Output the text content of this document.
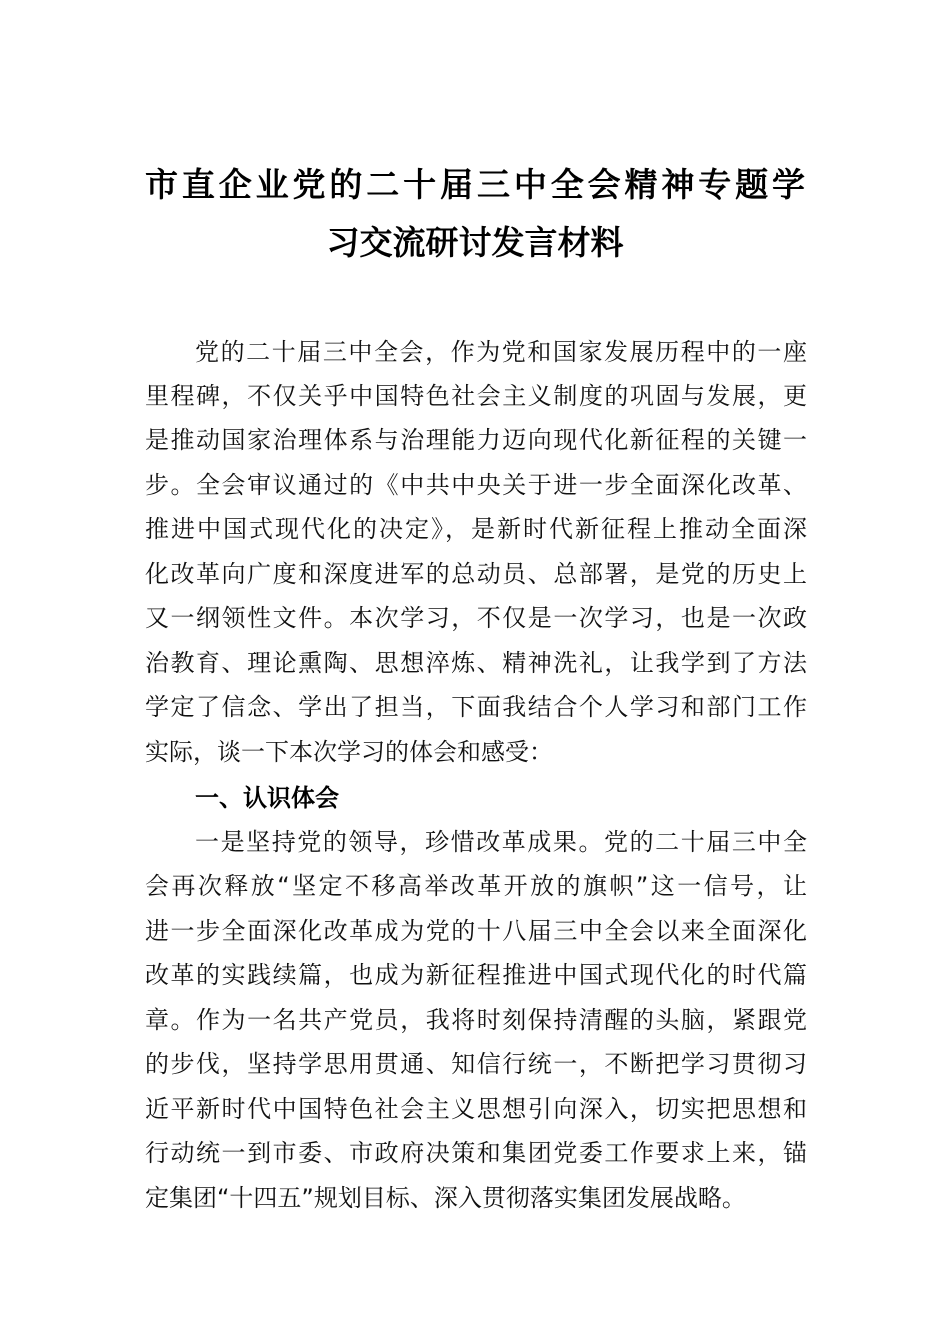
市直企业党的二十届三中全会精神专题学
习交流研讨发言材料
党的二十届三中全会，作为党和国家发展历程中的一座
里程碑，不仅关乎中国特色社会主义制度的巩固与发展，更
是推动国家治理体系与治理能力迈向现代化新征程的关键一
步。全会审议通过的《中共中央关于进一步全面深化改革、
推进中国式现代化的决定》，是新时代新征程上推动全面深
化改革向广度和深度进军的总动员、总部署，是党的历史上
又一纲领性文件。本次学习，不仅是一次学习，也是一次政
治教育、理论熏陶、思想淬炼、精神洗礼，让我学到了方法
学定了信念、学出了担当，下面我结合个人学习和部门工作
实际，谈一下本次学习的体会和感受：
一、认识体会
一是坚持党的领导，珍惜改革成果。党的二十届三中全
会再次释放“坚定不移高举改革开放的旗帜”这一信号，让
进一步全面深化改革成为党的十八届三中全会以来全面深化
改革的实践续篇，也成为新征程推进中国式现代化的时代篇
章。作为一名共产党员，我将时刻保持清醒的头脑，紧跟党
的步伐，坚持学思用贯通、知信行统一，不断把学习贯彻习
近平新时代中国特色社会主义思想引向深入，切实把思想和
行动统一到市委、市政府决策和集团党委工作要求上来，锚
定集团“十四五”规划目标、深入贯彻落实集团发展战略。
